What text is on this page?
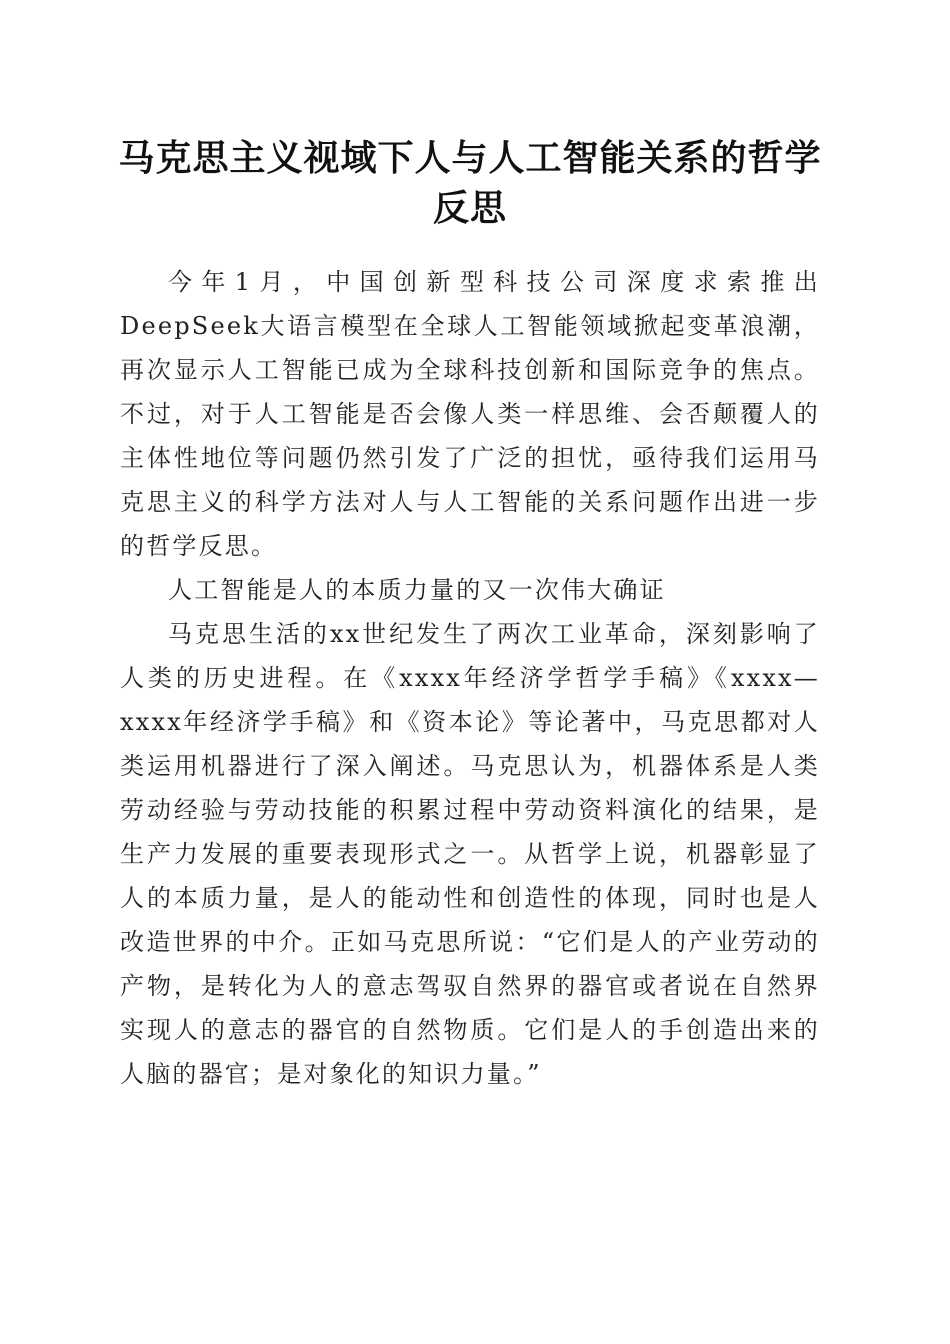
马克思主义视域下人与人工智能关系的哲学反思

今年1月，中国创新型科技公司深度求索推出DeepSeek大语言模型在全球人工智能领域掀起变革浪潮，再次显示人工智能已成为全球科技创新和国际竞争的焦点。不过，对于人工智能是否会像人类一样思维、会否颠覆人的主体性地位等问题仍然引发了广泛的担忧，亟待我们运用马克思主义的科学方法对人与人工智能的关系问题作出进一步的哲学反思。

人工智能是人的本质力量的又一次伟大确证

马克思生活的xx世纪发生了两次工业革命，深刻影响了人类的历史进程。在《xxxx年经济学哲学手稿》《xxxx—xxxx年经济学手稿》和《资本论》等论著中，马克思都对人类运用机器进行了深入阐述。马克思认为，机器体系是人类劳动经验与劳动技能的积累过程中劳动资料演化的结果，是生产力发展的重要表现形式之一。从哲学上说，机器彰显了人的本质力量，是人的能动性和创造性的体现，同时也是人改造世界的中介。正如马克思所说：“它们是人的产业劳动的产物，是转化为人的意志驾驭自然界的器官或者说在自然界实现人的意志的器官的自然物质。它们是人的手创造出来的人脑的器官；是对象化的知识力量。”
